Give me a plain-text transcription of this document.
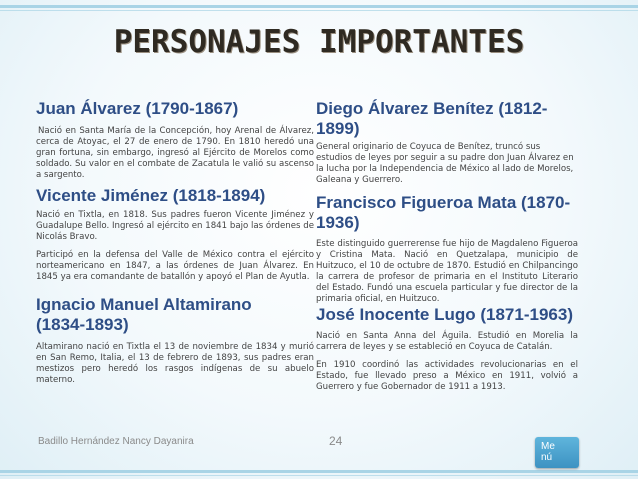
PERSONAJES IMPORTANTES
Juan Álvarez (1790-1867)

Nació en Santa María de la Concepción, hoy Arenal de Álvarez, cerca de Atoyac, el 27 de enero de 1790. En 1810 heredó una gran fortuna, sin embargo, ingresó al Ejército de Morelos como soldado. Su valor en el combate de Zacatula le valió su ascenso a sargento.

Vicente Jiménez (1818-1894)

Nació en Tixtla, en 1818. Sus padres fueron Vicente Jiménez y Guadalupe Bello. Ingresó al ejército en 1841 bajo las órdenes de Nicolás Bravo.

Participó en la defensa del Valle de México contra el ejército norteamericano en 1847, a las órdenes de Juan Álvarez. En 1845 ya era comandante de batallón y apoyó el Plan de Ayutla.

Ignacio Manuel Altamirano (1834-1893)

Altamirano nació en Tixtla el 13 de noviembre de 1834 y murió en San Remo, Italia, el 13 de febrero de 1893, sus padres eran mestizos pero heredó los rasgos indígenas de su abuelo materno.

Diego Álvarez Benítez (1812-1899)

General originario de Coyuca de Benítez, truncó sus estudios de leyes por seguir a su padre don Juan Álvarez en la lucha por la Independencia de México al lado de Morelos, Galeana y Guerrero.

Francisco Figueroa Mata (1870-1936)

Este distinguido guerrerense fue hijo de Magdaleno Figueroa y Cristina Mata. Nació en Quetzalapa, municipio de Huitzuco, el 10 de octubre de 1870. Estudió en Chilpancingo la carrera de profesor de primaria en el Instituto Literario del Estado. Fundó una escuela particular y fue director de la primaria oficial, en Huitzuco.

José Inocente Lugo (1871-1963)

Nació en Santa Anna del Águila. Estudió en Morelia la carrera de leyes y se estableció en Coyuca de Catalán.

En 1910 coordinó las actividades revolucionarias en el Estado, fue llevado preso a México en 1911, volvió a Guerrero y fue Gobernador de 1911 a 1913.

Badillo Hernández Nancy Dayanira	24	Me
nú
